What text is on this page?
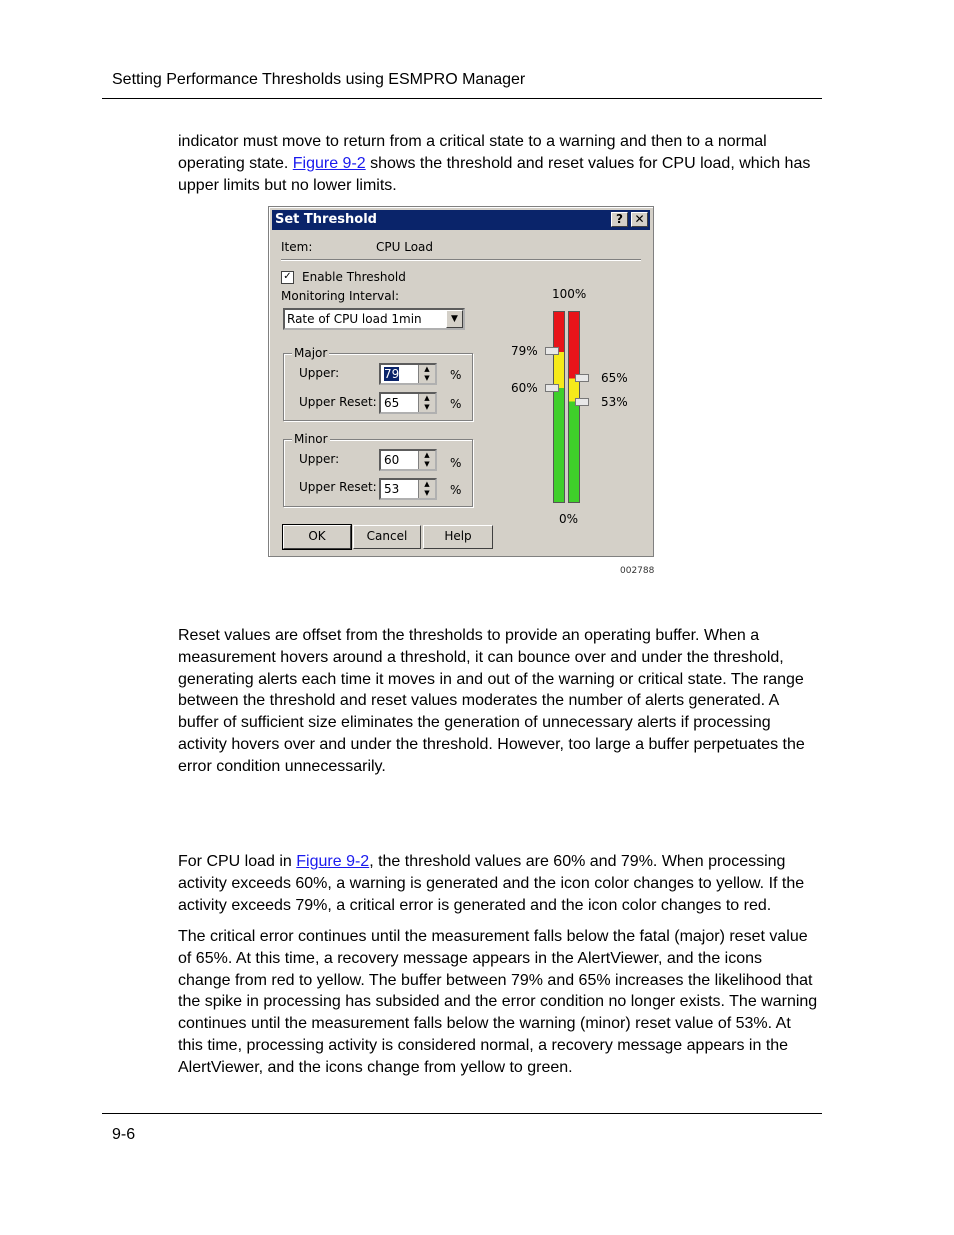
Setting Performance Thresholds using ESMPRO Manager

indicator must move to return from a critical state to a warning and then to a normal operating state. Figure 9-2 shows the threshold and reset values for CPU load, which has upper limits but no lower limits.

Set Threshold	? ✕
Item:	CPU Load
✓ Enable Threshold
Monitoring Interval:
Rate of CPU load 1min	▼
Major
Upper:	79	▲
▼	%
Upper Reset: 65	▲
▼	%
Minor
Upper:	60	▲
▼	%
Upper Reset: 53	▲
▼	%
100%
79%
60%
65%
53%
0%
OK	Cancel	Help
002788

Reset values are offset from the thresholds to provide an operating buffer. When a measurement hovers around a threshold, it can bounce over and under the threshold, generating alerts each time it moves in and out of the warning or critical state. The range between the threshold and reset values moderates the number of alerts generated. A buffer of sufficient size eliminates the generation of unnecessary alerts if processing activity hovers over and under the threshold. However, too large a buffer perpetuates the error condition unnecessarily.

For CPU load in Figure 9-2, the threshold values are 60% and 79%. When processing activity exceeds 60%, a warning is generated and the icon color changes to yellow. If the activity exceeds 79%, a critical error is generated and the icon color changes to red.

The critical error continues until the measurement falls below the fatal (major) reset value of 65%. At this time, a recovery message appears in the AlertViewer, and the icons change from red to yellow. The buffer between 79% and 65% increases the likelihood that the spike in processing has subsided and the error condition no longer exists. The warning continues until the measurement falls below the warning (minor) reset value of 53%. At this time, processing activity is considered normal, a recovery message appears in the AlertViewer, and the icons change from yellow to green.

9-6
